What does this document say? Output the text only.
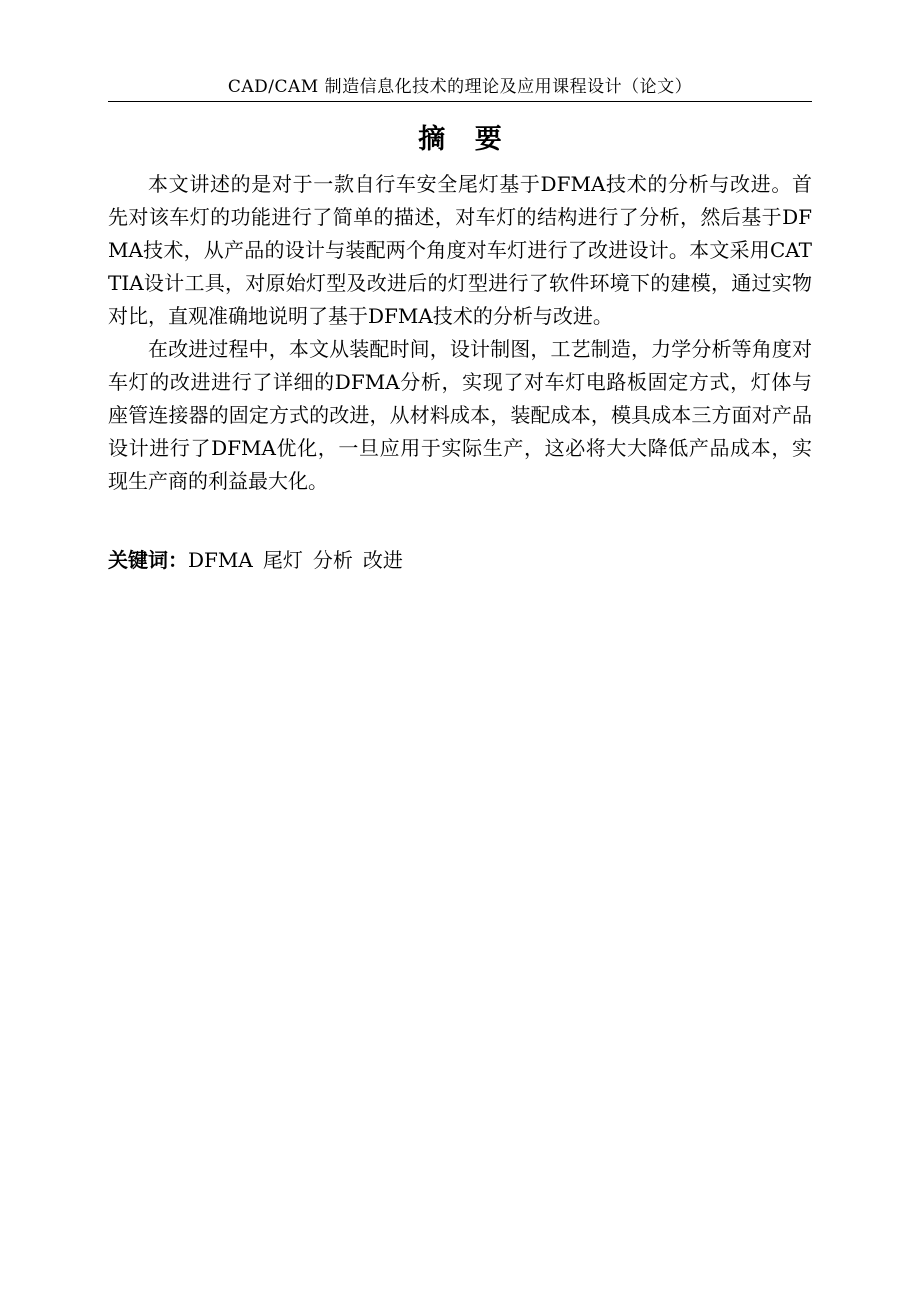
CAD/CAM 制造信息化技术的理论及应用课程设计（论文）
摘 要

本文讲述的是对于一款自行车安全尾灯基于DFMA技术的分析与改进。首先对该车灯的功能进行了简单的描述，对车灯的结构进行了分析，然后基于DFMA技术，从产品的设计与装配两个角度对车灯进行了改进设计。本文采用CATTIA设计工具，对原始灯型及改进后的灯型进行了软件环境下的建模，通过实物对比，直观准确地说明了基于DFMA技术的分析与改进。

在改进过程中，本文从装配时间，设计制图，工艺制造，力学分析等角度对车灯的改进进行了详细的DFMA分析，实现了对车灯电路板固定方式，灯体与座管连接器的固定方式的改进，从材料成本，装配成本，模具成本三方面对产品设计进行了DFMA优化，一旦应用于实际生产，这必将大大降低产品成本，实现生产商的利益最大化。

关键词：DFMA 尾灯 分析 改进
